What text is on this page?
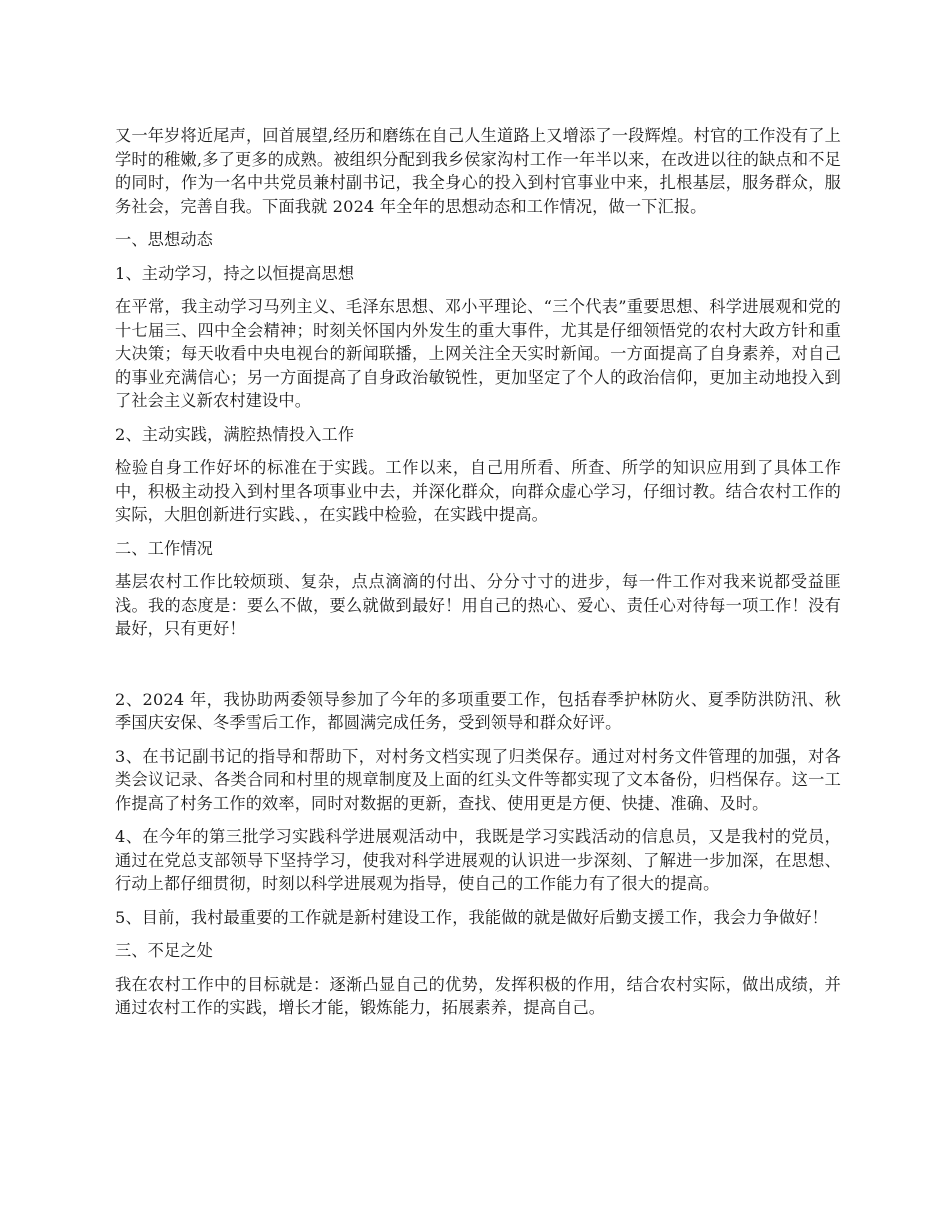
又一年岁将近尾声，回首展望,经历和磨练在自己人生道路上又增添了一段辉煌。村官的工作没有了上学时的稚嫩,多了更多的成熟。被组织分配到我乡侯家沟村工作一年半以来，在改进以往的缺点和不足的同时，作为一名中共党员兼村副书记，我全身心的投入到村官事业中来，扎根基层，服务群众，服务社会，完善自我。下面我就 2024 年全年的思想动态和工作情况，做一下汇报。

一、思想动态

1、主动学习，持之以恒提高思想

在平常，我主动学习马列主义、毛泽东思想、邓小平理论、“三个代表”重要思想、科学进展观和党的十七届三、四中全会精神；时刻关怀国内外发生的重大事件，尤其是仔细领悟党的农村大政方针和重大决策；每天收看中央电视台的新闻联播，上网关注全天实时新闻。一方面提高了自身素养，对自己的事业充满信心；另一方面提高了自身政治敏锐性，更加坚定了个人的政治信仰，更加主动地投入到了社会主义新农村建设中。

2、主动实践，满腔热情投入工作

检验自身工作好坏的标准在于实践。工作以来，自己用所看、所查、所学的知识应用到了具体工作中，积极主动投入到村里各项事业中去，并深化群众，向群众虚心学习，仔细讨教。结合农村工作的实际，大胆创新进行实践、，在实践中检验，在实践中提高。

二、工作情况

基层农村工作比较烦琐、复杂，点点滴滴的付出、分分寸寸的进步，每一件工作对我来说都受益匪浅。我的态度是：要么不做，要么就做到最好！用自己的热心、爱心、责任心对待每一项工作！没有最好，只有更好！

2、2024 年，我协助两委领导参加了今年的多项重要工作，包括春季护林防火、夏季防洪防汛、秋季国庆安保、冬季雪后工作，都圆满完成任务，受到领导和群众好评。

3、在书记副书记的指导和帮助下，对村务文档实现了归类保存。通过对村务文件管理的加强，对各类会议记录、各类合同和村里的规章制度及上面的红头文件等都实现了文本备份，归档保存。这一工作提高了村务工作的效率，同时对数据的更新，查找、使用更是方便、快捷、准确、及时。

4、在今年的第三批学习实践科学进展观活动中，我既是学习实践活动的信息员，又是我村的党员，通过在党总支部领导下坚持学习，使我对科学进展观的认识进一步深刻、了解进一步加深，在思想、行动上都仔细贯彻，时刻以科学进展观为指导，使自己的工作能力有了很大的提高。

5、目前，我村最重要的工作就是新村建设工作，我能做的就是做好后勤支援工作，我会力争做好！

三、不足之处

我在农村工作中的目标就是：逐渐凸显自己的优势，发挥积极的作用，结合农村实际，做出成绩，并通过农村工作的实践，增长才能，锻炼能力，拓展素养，提高自己。
